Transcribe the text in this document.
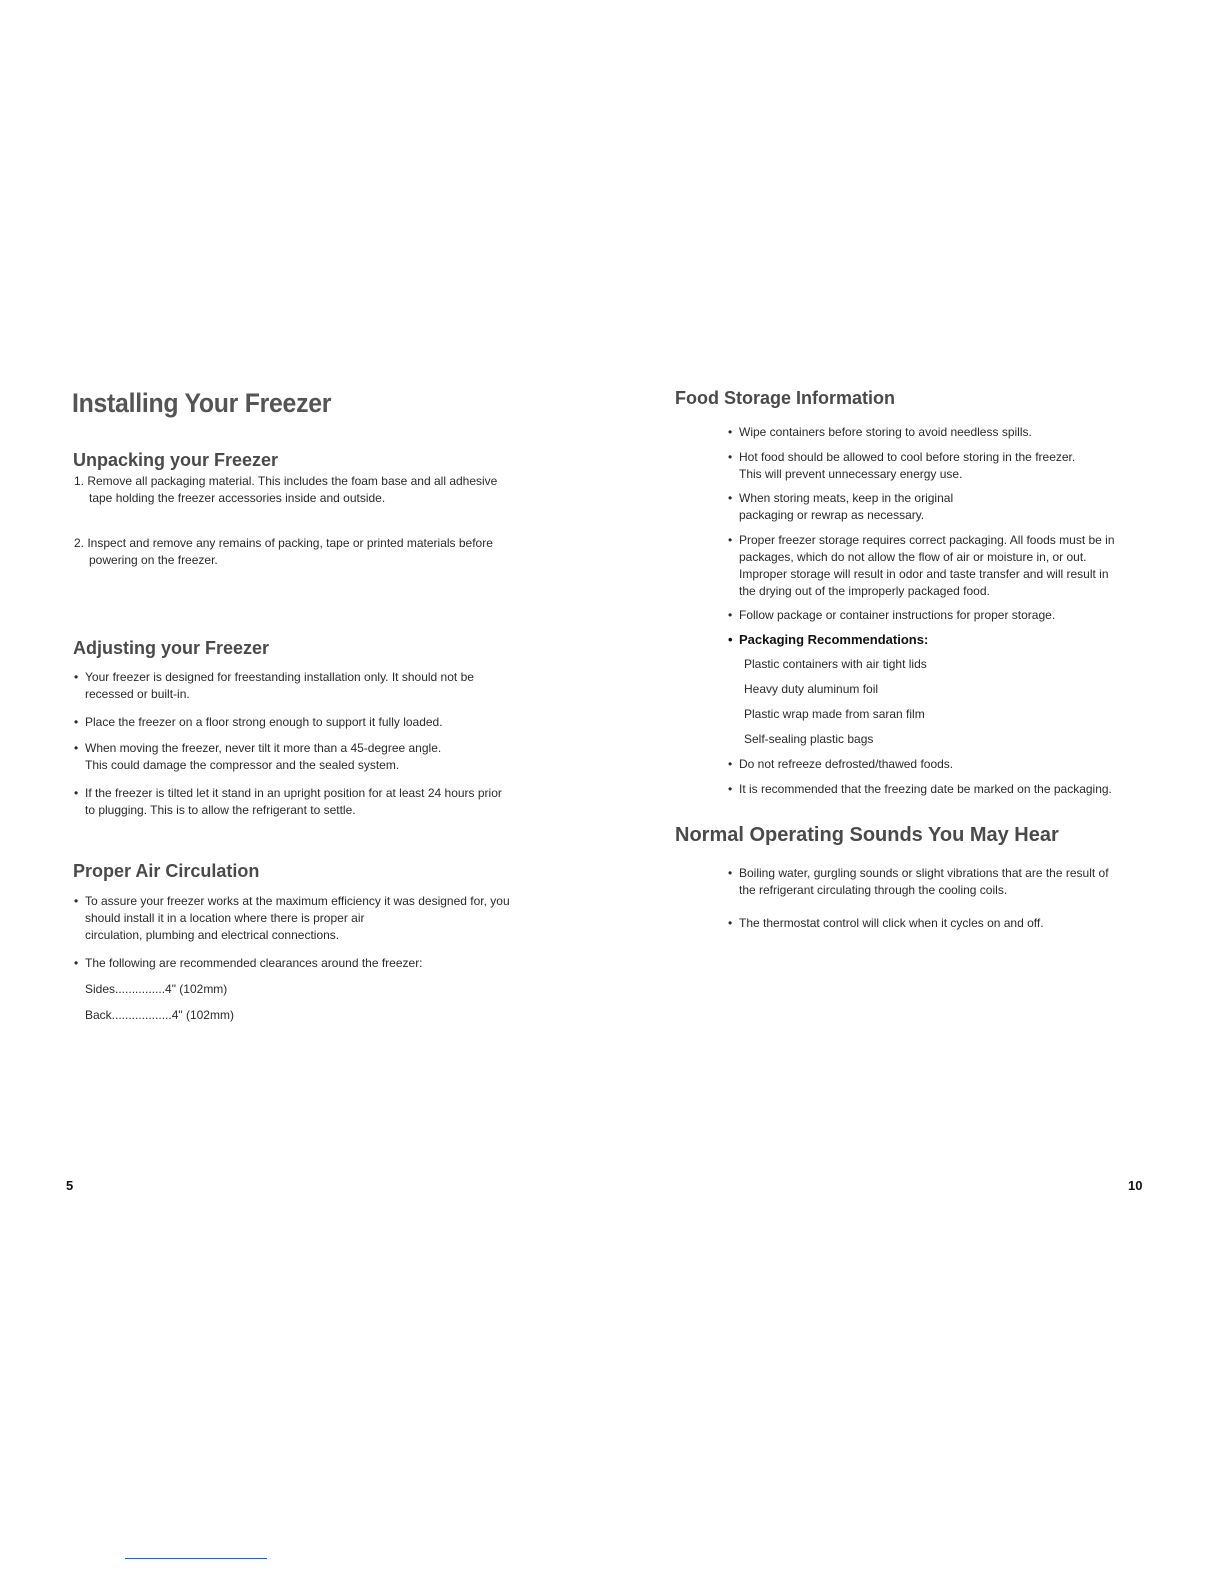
Installing Your Freezer
Unpacking your Freezer
1. Remove all packaging material. This includes the foam base and all adhesive
tape holding the freezer accessories inside and outside.
2. Inspect and remove any remains of packing, tape or printed materials before
powering on the freezer.
Adjusting your Freezer
• Your freezer is designed for freestanding installation only. It should not be
recessed or built-in.
• Place the freezer on a floor strong enough to support it fully loaded.
• When moving the freezer, never tilt it more than a 45-degree angle.
This could damage the compressor and the sealed system.
• If the freezer is tilted let it stand in an upright position for at least 24 hours prior
to plugging. This is to allow the refrigerant to settle.
Proper Air Circulation
• To assure your freezer works at the maximum efficiency it was designed for, you
should install it in a location where there is proper air
circulation, plumbing and electrical connections.
• The following are recommended clearances around the freezer:
Sides...............4" (102mm)
Back..................4" (102mm)
5
Food Storage Information
• Wipe containers before storing to avoid needless spills.
• Hot food should be allowed to cool before storing in the freezer.
This will prevent unnecessary energy use.
• When storing meats, keep in the original
packaging or rewrap as necessary.
• Proper freezer storage requires correct packaging. All foods must be in
packages, which do not allow the flow of air or moisture in, or out.
Improper storage will result in odor and taste transfer and will result in
the drying out of the improperly packaged food.
• Follow package or container instructions for proper storage.
• Packaging Recommendations:
Plastic containers with air tight lids
Heavy duty aluminum foil
Plastic wrap made from saran film
Self-sealing plastic bags
• Do not refreeze defrosted/thawed foods.
• It is recommended that the freezing date be marked on the packaging.
Normal Operating Sounds You May Hear
• Boiling water, gurgling sounds or slight vibrations that are the result of
the refrigerant circulating through the cooling coils.
• The thermostat control will click when it cycles on and off.
10
